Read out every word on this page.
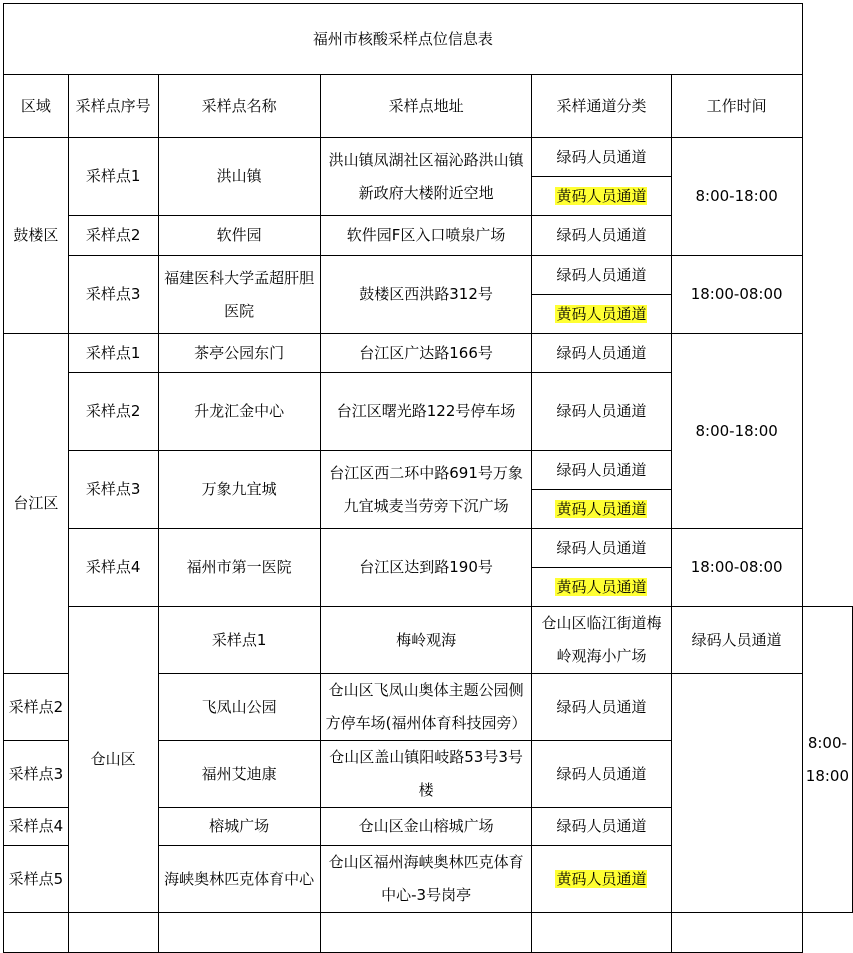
福州市核酸采样点位信息表						
区域	采样点序号	采样点名称	采样点地址	采样通道分类	工作时间	
鼓楼区	采样点1	洪山镇	洪山镇凤湖社区福沁路洪山镇新政府大楼附近空地	绿码人员通道	8:00-18:00	
				黄码人员通道		
	采样点2	软件园	软件园F区入口喷泉广场	绿码人员通道		
	采样点3	福建医科大学孟超肝胆医院	鼓楼区西洪路312号	绿码人员通道	18:00-08:00	
				黄码人员通道		
台江区	采样点1	茶亭公园东门	台江区广达路166号	绿码人员通道	8:00-18:00	
	采样点2	升龙汇金中心	台江区曙光路122号停车场	绿码人员通道		
	采样点3	万象九宜城	台江区西二环中路691号万象九宜城麦当劳旁下沉广场	绿码人员通道		
				黄码人员通道		
	采样点4	福州市第一医院	台江区达到路190号	绿码人员通道	18:00-08:00	
				黄码人员通道		
	仓山区	采样点1	梅岭观海	仓山区临江街道梅岭观海小广场	绿码人员通道	8:00-18:00
采样点2		飞凤山公园	仓山区飞凤山奥体主题公园侧方停车场(福州体育科技园旁）	绿码人员通道		
采样点3		福州艾迪康	仓山区盖山镇阳岐路53号3号楼	绿码人员通道		
采样点4		榕城广场	仓山区金山榕城广场	绿码人员通道		
采样点5		海峡奥林匹克体育中心	仓山区福州海峡奥林匹克体育中心-3号岗亭	黄码人员通道		
